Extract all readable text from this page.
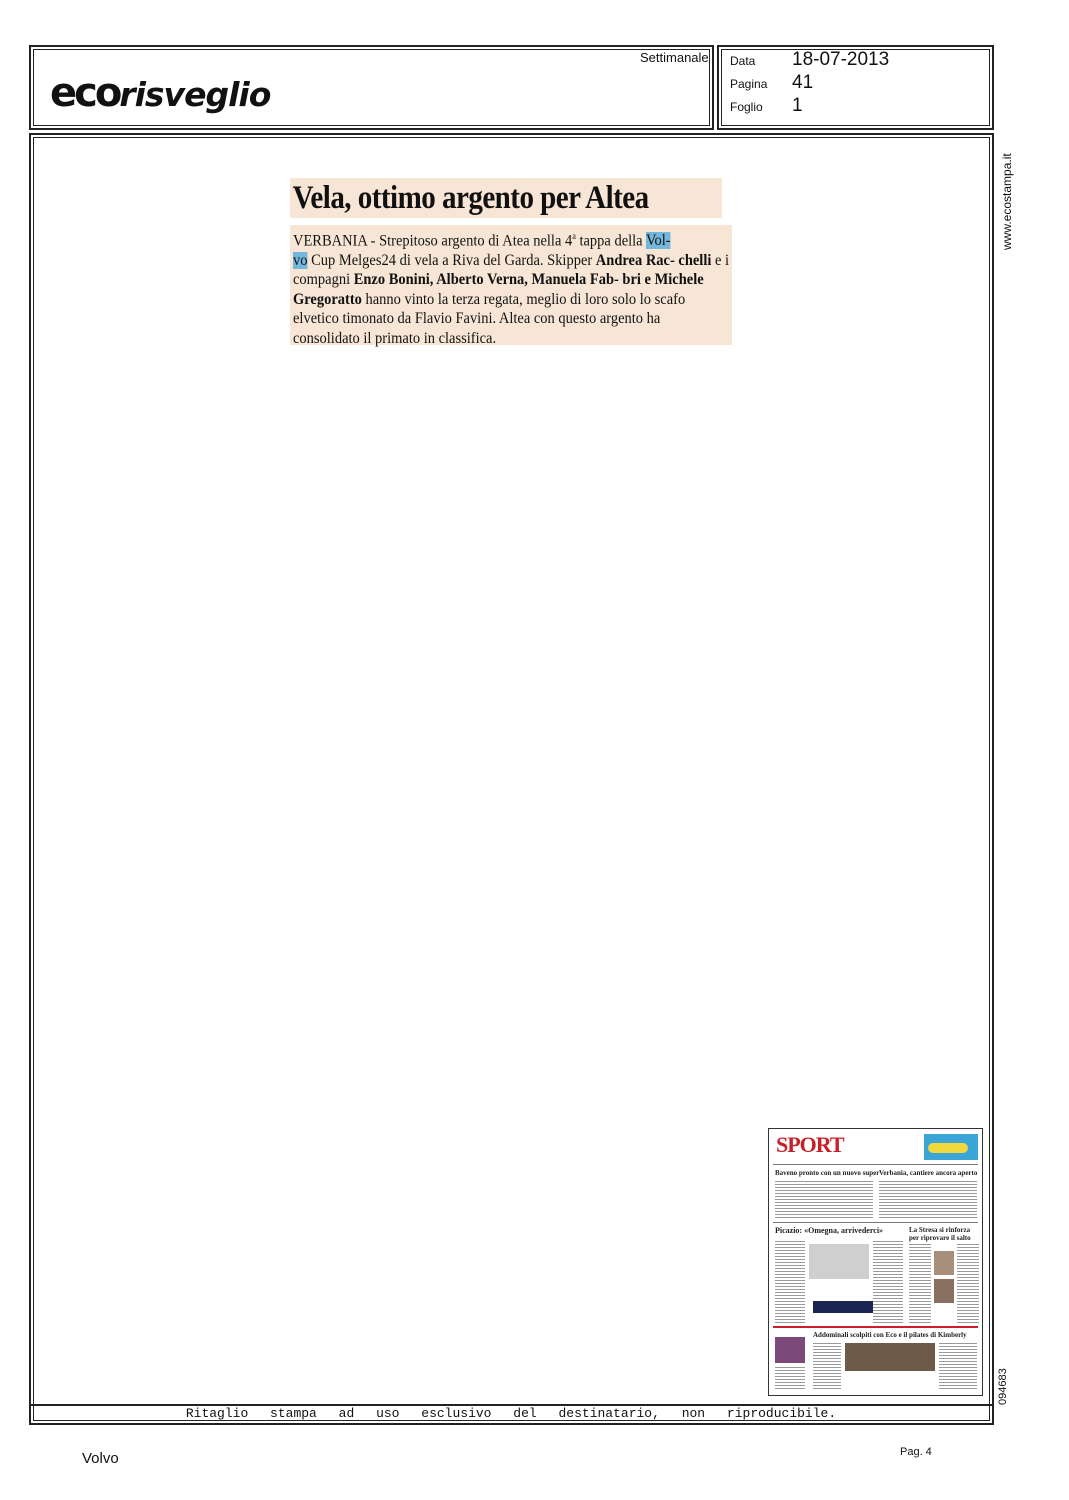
ecorisveglio
Settimanale Data 18-07-2013
Pagina 41
Foglio 1
Ritaglio stampa ad uso esclusivo del destinatario, non riproducibile.
www.ecostampa.it
094683
Vela, ottimo argento per Altea
VERBANIA - Strepitoso argento di Atea nella 4$^a$ tappa della Vol-
vo Cup Melges24 di vela a Riva del Garda. Skipper Andrea Rac- chelli e i compagni Enzo Bonini, Alberto Verna, Manuela Fab- bri e Michele Gregoratto hanno vinto la terza regata, meglio di loro solo lo scafo elvetico timonato da Flavio Favini. Altea con questo argento ha consolidato il primato in classifica.
SPORT
Baveno pronto con un nuovo super Verbania, cantiere ancora aperto
Picazio: «Omegna, arrivederci»	La Stresa si rinforza per riprovare il salto
Addominali scolpiti con Eco e il pilates di Kimberly
Volvo	Pag. 4
